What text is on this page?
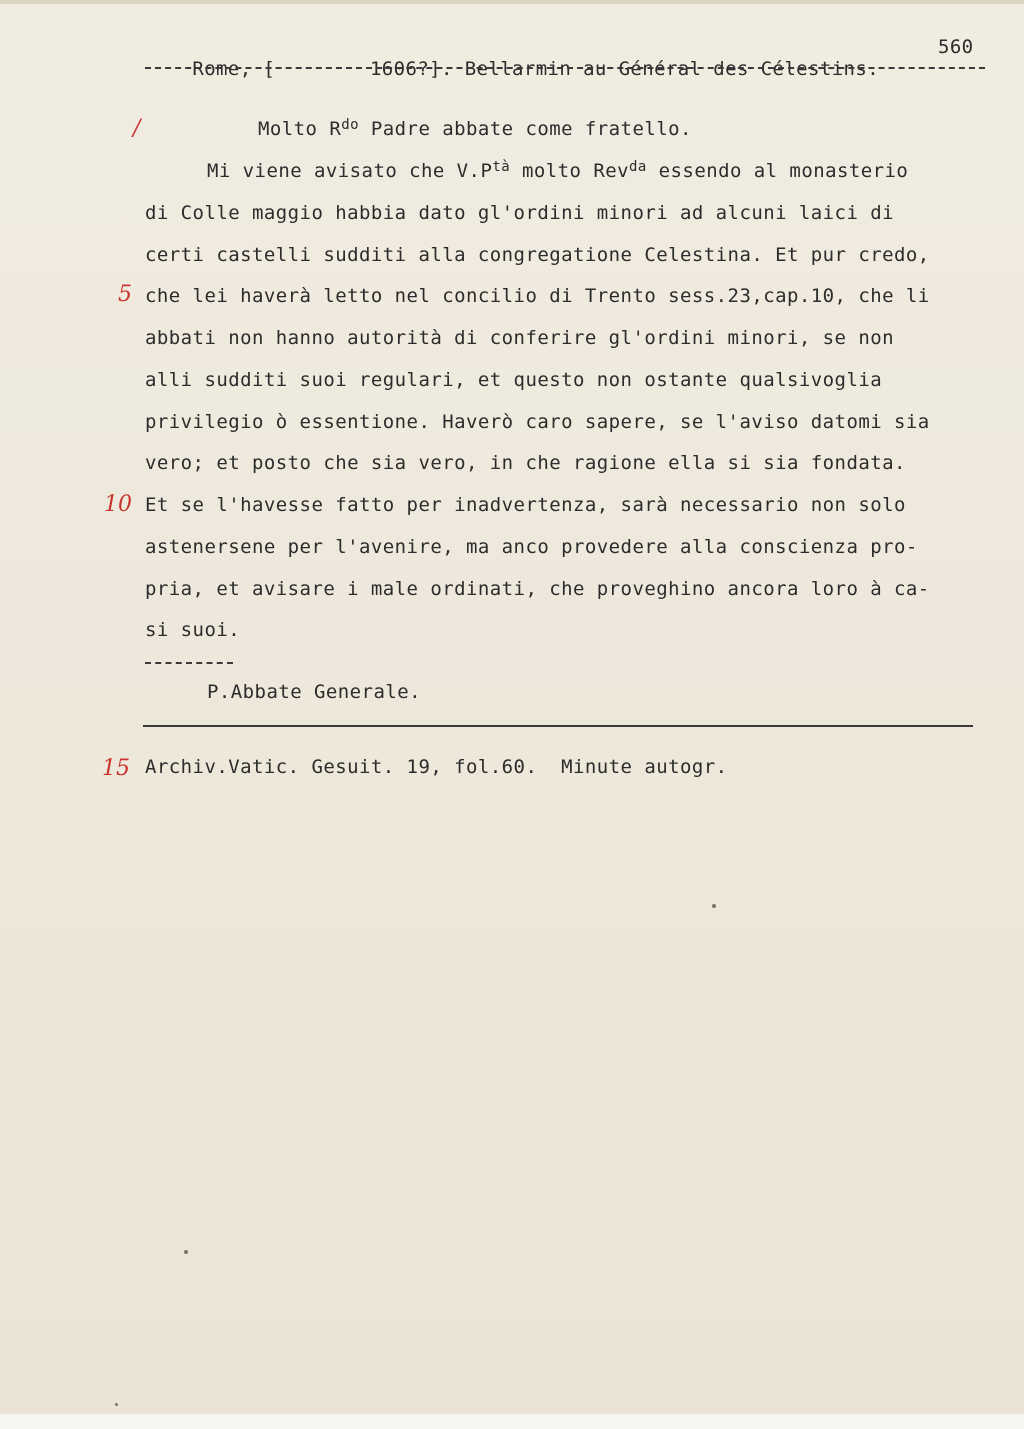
Rome, [        1606?]. Bellarmin au Général des Célestins.

560

/
5
10
15
Molto $R^{do}$ Padre abbate come fratello.
Mi viene avisato che $V.P^{tà}$ molto Rev$^{da}$ essendo al monasterio
di Colle maggio habbia dato gl'ordini minori ad alcuni laici di
certi castelli sudditi alla congregatione Celestina. Et pur credo,
che lei haverà letto nel concilio di Trento sess.23,cap.10, che li
abbati non hanno autorità di conferire gl'ordini minori, se non
alli sudditi suoi regulari, et questo non ostante qualsivoglia
privilegio ò essentione. Haverò caro sapere, se l'aviso datomi sia
vero; et posto che sia vero, in che ragione ella si sia fondata.
Et se l'havesse fatto per inadvertenza, sarà necessario non solo
astenersene per l'avenire, ma anco provedere alla conscienza pro-
pria, et avisare i male ordinati, che proveghino ancora loro à ca-
si suoi.
P.Abbate Generale.
Archiv.Vatic. Gesuit. 19, fol.60.  Minute autogr.
